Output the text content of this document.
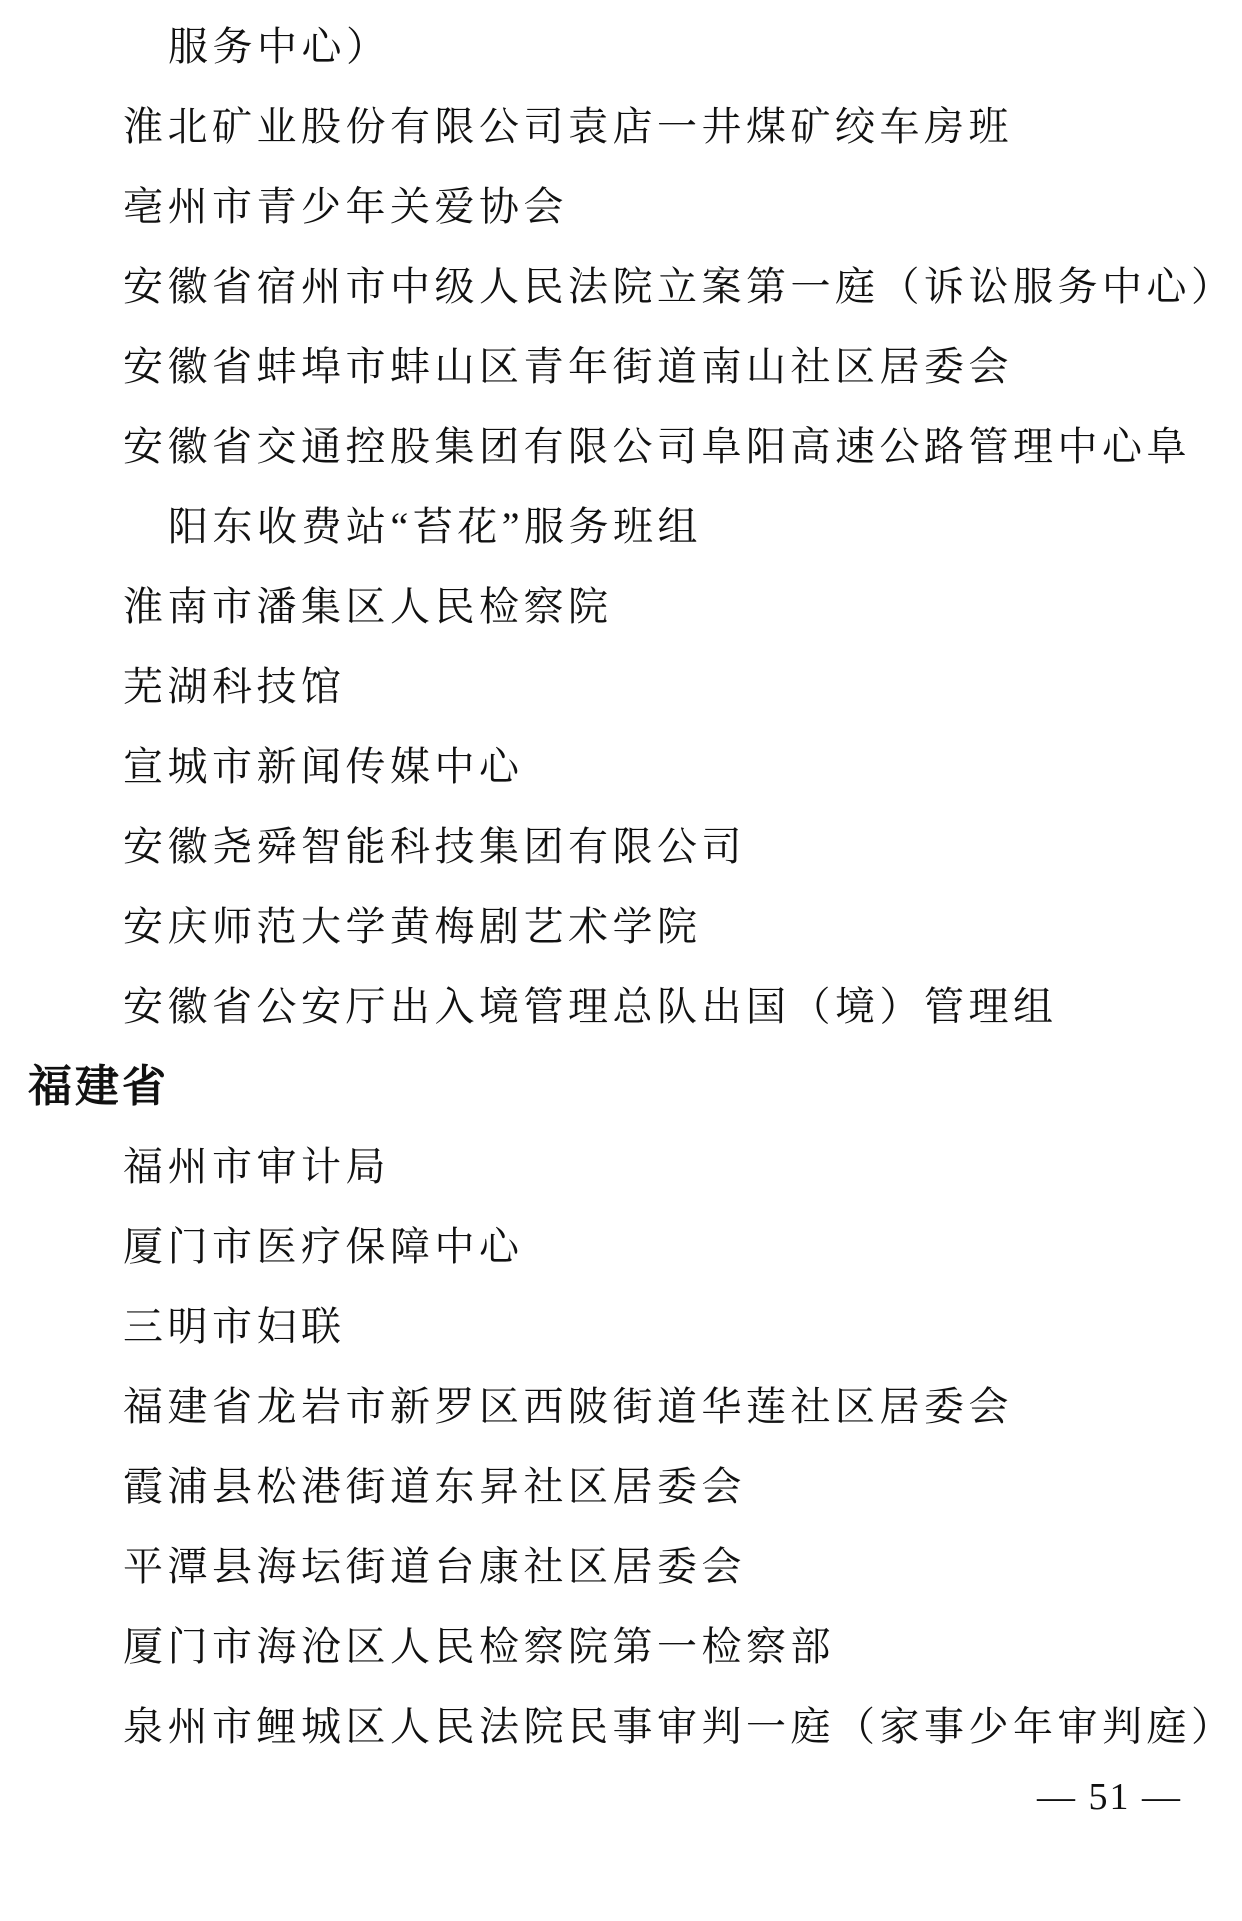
服务中心）
淮北矿业股份有限公司袁店一井煤矿绞车房班
亳州市青少年关爱协会
安徽省宿州市中级人民法院立案第一庭（诉讼服务中心）
安徽省蚌埠市蚌山区青年街道南山社区居委会
安徽省交通控股集团有限公司阜阳高速公路管理中心阜
阳东收费站“苔花”服务班组
淮南市潘集区人民检察院
芜湖科技馆
宣城市新闻传媒中心
安徽尧舜智能科技集团有限公司
安庆师范大学黄梅剧艺术学院
安徽省公安厅出入境管理总队出国（境）管理组
福建省
福州市审计局
厦门市医疗保障中心
三明市妇联
福建省龙岩市新罗区西陂街道华莲社区居委会
霞浦县松港街道东昇社区居委会
平潭县海坛街道台康社区居委会
厦门市海沧区人民检察院第一检察部
泉州市鲤城区人民法院民事审判一庭（家事少年审判庭）
— 51 —
